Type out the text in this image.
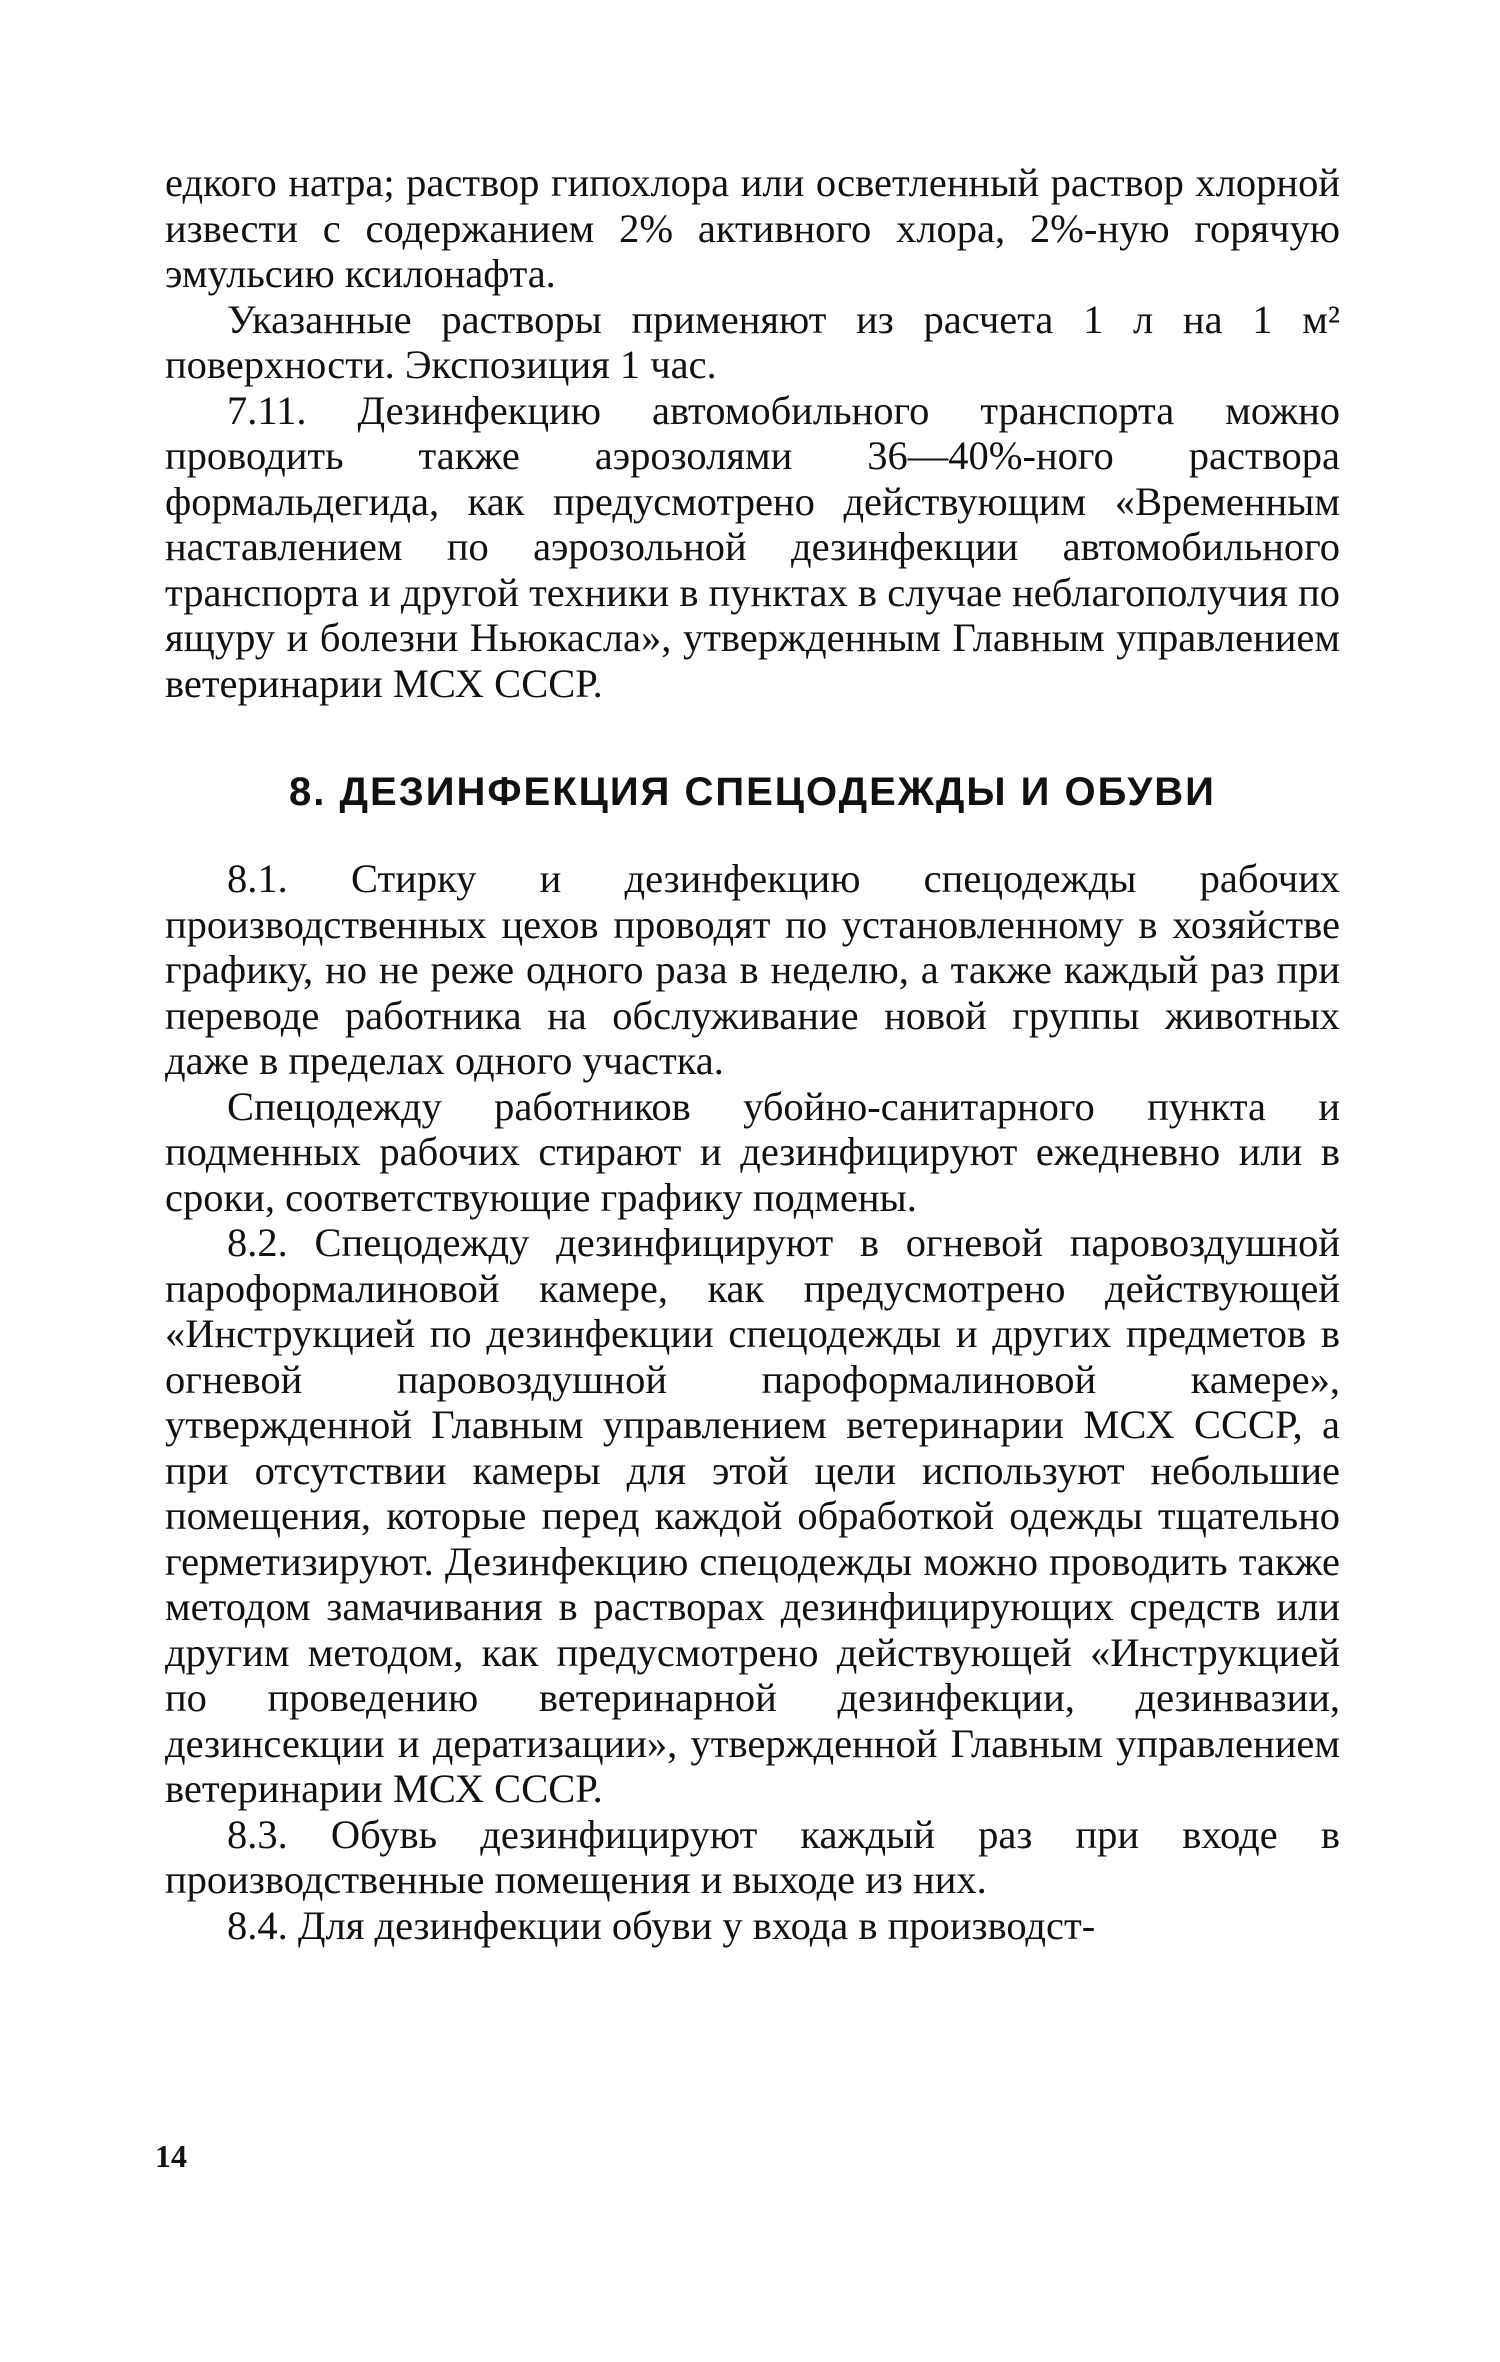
едкого натра; раствор гипохлора или осветленный раствор хлорной извести с содержанием 2% активного хлора, 2%-ную горячую эмульсию ксилонафта.

Указанные растворы применяют из расчета 1 л на 1 м² поверхности. Экспозиция 1 час.

7.11. Дезинфекцию автомобильного транспорта можно проводить также аэрозолями 36—40%-ного раствора формальдегида, как предусмотрено действующим «Временным наставлением по аэрозольной дезинфекции автомобильного транспорта и другой техники в пунктах в случае неблагополучия по ящуру и болезни Ньюкасла», утвержденным Главным управлением ветеринарии МСХ СССР.

8. ДЕЗИНФЕКЦИЯ СПЕЦОДЕЖДЫ И ОБУВИ

8.1. Стирку и дезинфекцию спецодежды рабочих производственных цехов проводят по установленному в хозяйстве графику, но не реже одного раза в неделю, а также каждый раз при переводе работника на обслуживание новой группы животных даже в пределах одного участка.

Спецодежду работников убойно-санитарного пункта и подменных рабочих стирают и дезинфицируют ежедневно или в сроки, соответствующие графику подмены.

8.2. Спецодежду дезинфицируют в огневой паровоздушной пароформалиновой камере, как предусмотрено действующей «Инструкцией по дезинфекции спецодежды и других предметов в огневой паровоздушной пароформалиновой камере», утвержденной Главным управлением ветеринарии МСХ СССР, а при отсутствии камеры для этой цели используют небольшие помещения, которые перед каждой обработкой одежды тщательно герметизируют. Дезинфекцию спецодежды можно проводить также методом замачивания в растворах дезинфицирующих средств или другим методом, как предусмотрено действующей «Инструкцией по проведению ветеринарной дезинфекции, дезинвазии, дезинсекции и дератизации», утвержденной Главным управлением ветеринарии МСХ СССР.

8.3. Обувь дезинфицируют каждый раз при входе в производственные помещения и выходе из них.

8.4. Для дезинфекции обуви у входа в производст-

14
